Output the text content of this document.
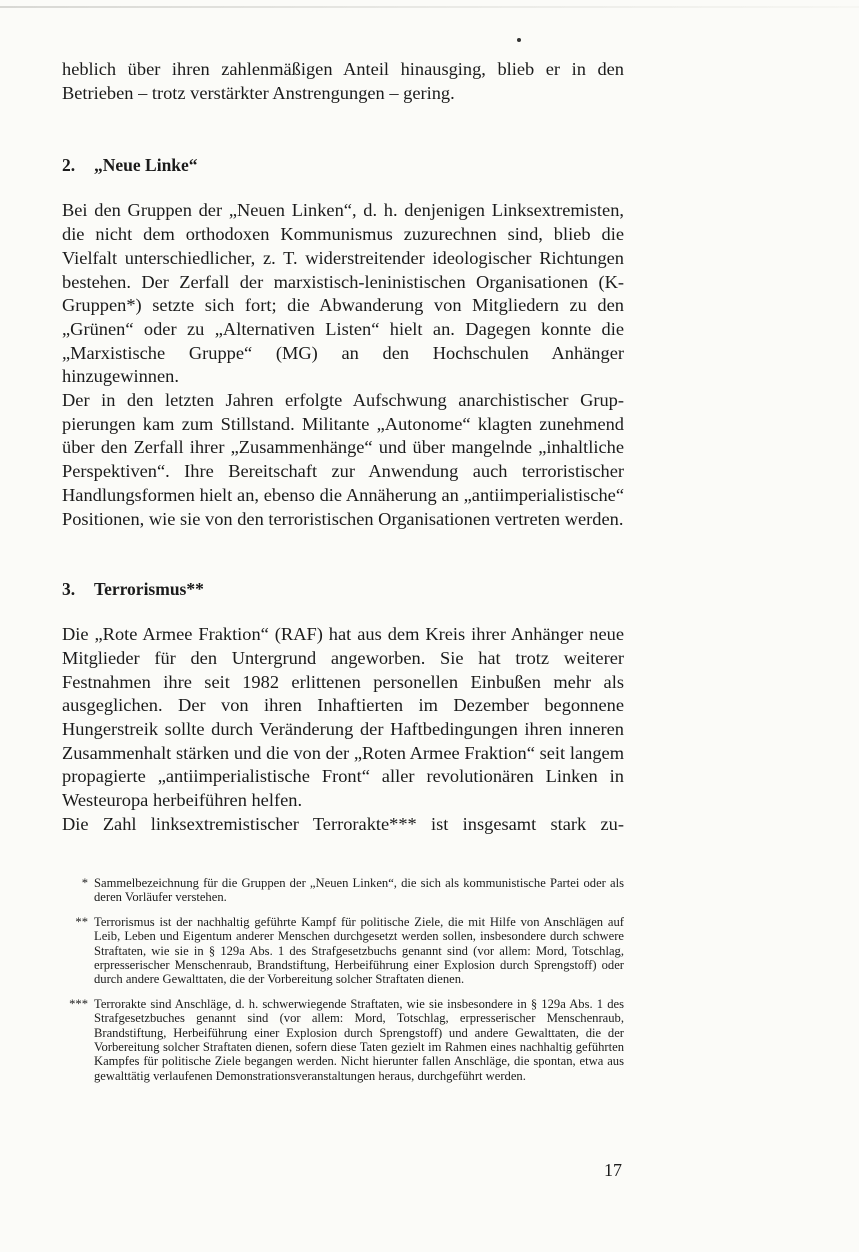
heblich über ihren zahlenmäßigen Anteil hinausging, blieb er in den Betrieben – trotz verstärkter Anstrengungen – gering.

2.	„Neue Linke“

Bei den Gruppen der „Neuen Linken“, d. h. denjenigen Linksextremisten, die nicht dem orthodoxen Kommunismus zuzurechnen sind, blieb die Vielfalt unterschiedlicher, z. T. widerstreitender ideologischer Richtungen bestehen. Der Zerfall der marxistisch-leninistischen Organisationen (K-Gruppen*) setzte sich fort; die Abwanderung von Mitgliedern zu den „Grünen“ oder zu „Alternativen Listen“ hielt an. Dagegen konnte die „Marxistische Gruppe“ (MG) an den Hochschulen Anhänger hinzugewinnen.

Der in den letzten Jahren erfolgte Aufschwung anarchistischer Gruppierungen kam zum Stillstand. Militante „Autonome“ klagten zunehmend über den Zerfall ihrer „Zusammenhänge“ und über mangelnde „inhaltliche Perspektiven“. Ihre Bereitschaft zur Anwendung auch terroristischer Handlungsformen hielt an, ebenso die Annäherung an „antiimperialistische“ Positionen, wie sie von den terroristischen Organisationen vertreten werden.

3.	Terrorismus**

Die „Rote Armee Fraktion“ (RAF) hat aus dem Kreis ihrer Anhänger neue Mitglieder für den Untergrund angeworben. Sie hat trotz weiterer Festnahmen ihre seit 1982 erlittenen personellen Einbußen mehr als ausgeglichen. Der von ihren Inhaftierten im Dezember begonnene Hungerstreik sollte durch Veränderung der Haftbedingungen ihren inneren Zusammenhalt stärken und die von der „Roten Armee Fraktion“ seit langem propagierte „antiimperialistische Front“ aller revolutionären Linken in Westeuropa herbeiführen helfen.

Die Zahl linksextremistischer Terrorakte*** ist insgesamt stark zu-

* Sammelbezeichnung für die Gruppen der „Neuen Linken“, die sich als kommunistische Partei oder als deren Vorläufer verstehen.
** Terrorismus ist der nachhaltig geführte Kampf für politische Ziele, die mit Hilfe von Anschlägen auf Leib, Leben und Eigentum anderer Menschen durchgesetzt werden sollen, insbesondere durch schwere Straftaten, wie sie in § 129a Abs. 1 des Strafgesetzbuchs genannt sind (vor allem: Mord, Totschlag, erpresserischer Menschenraub, Brandstiftung, Herbeiführung einer Explosion durch Sprengstoff) oder durch andere Gewalttaten, die der Vorbereitung solcher Straftaten dienen.
*** Terrorakte sind Anschläge, d. h. schwerwiegende Straftaten, wie sie insbesondere in § 129a Abs. 1 des Strafgesetzbuches genannt sind (vor allem: Mord, Totschlag, erpresserischer Menschenraub, Brandstiftung, Herbeiführung einer Explosion durch Sprengstoff) und andere Gewalttaten, die der Vorbereitung solcher Straftaten dienen, sofern diese Taten gezielt im Rahmen eines nachhaltig geführten Kampfes für politische Ziele begangen werden. Nicht hierunter fallen Anschläge, die spontan, etwa aus gewalttätig verlaufenen Demonstrationsveranstaltungen heraus, durchgeführt werden.
17
